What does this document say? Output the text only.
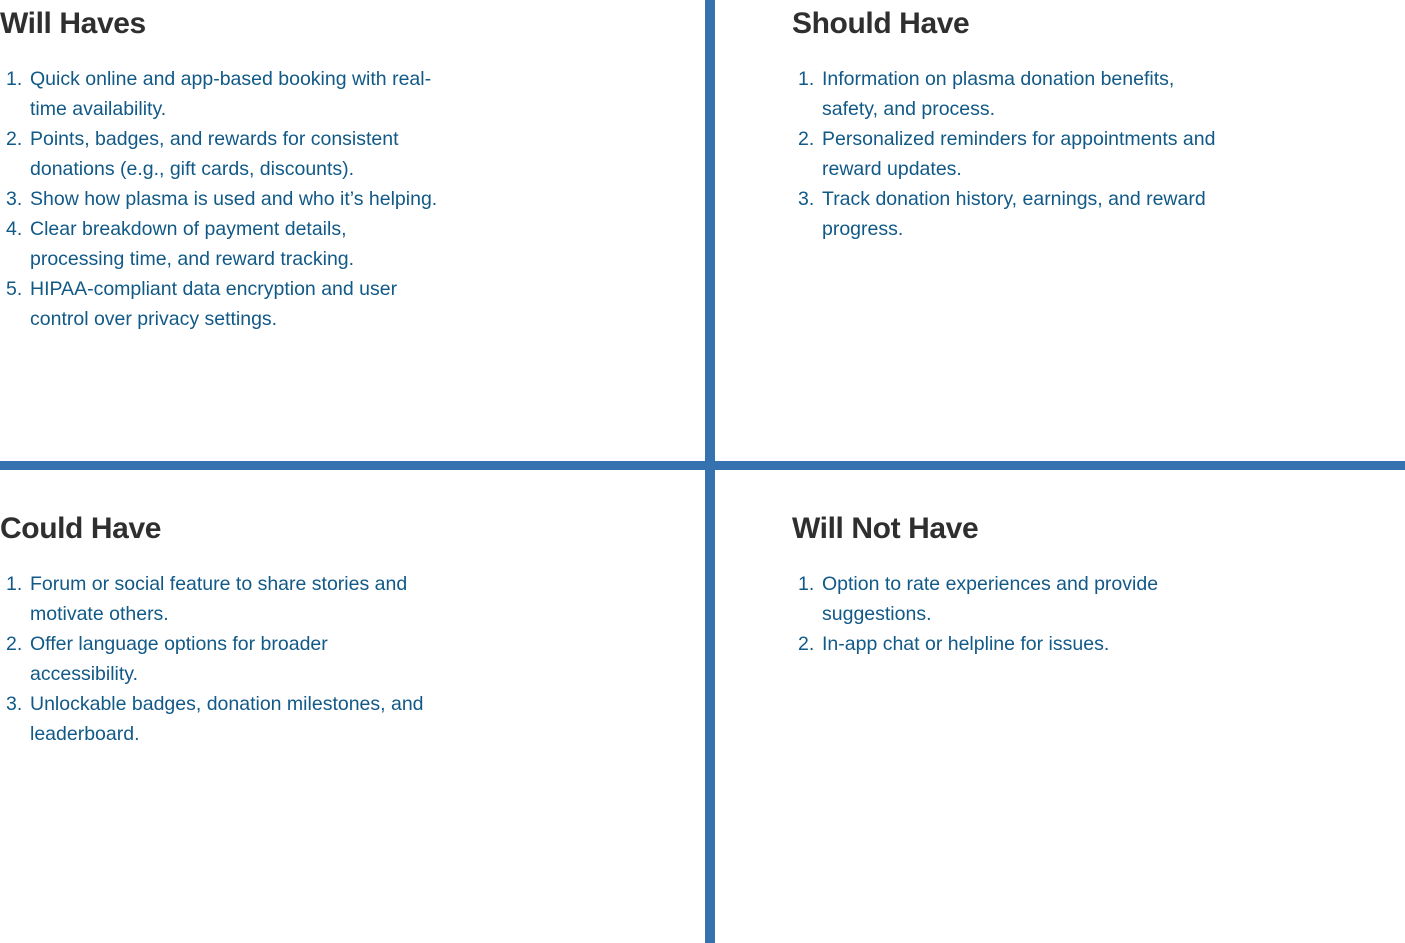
Will Haves
1. Quick online and app-based booking with real-time availability.
2. Points, badges, and rewards for consistent donations (e.g., gift cards, discounts).
3. Show how plasma is used and who it’s helping.
4. Clear breakdown of payment details, processing time, and reward tracking.
5. HIPAA-compliant data encryption and user control over privacy settings.
Should Have
1. Information on plasma donation benefits, safety, and process.
2. Personalized reminders for appointments and reward updates.
3. Track donation history, earnings, and reward progress.
Could Have
1. Forum or social feature to share stories and motivate others.
2. Offer language options for broader accessibility.
3. Unlockable badges, donation milestones, and leaderboard.
Will Not Have
1. Option to rate experiences and provide suggestions.
2. In-app chat or helpline for issues.
